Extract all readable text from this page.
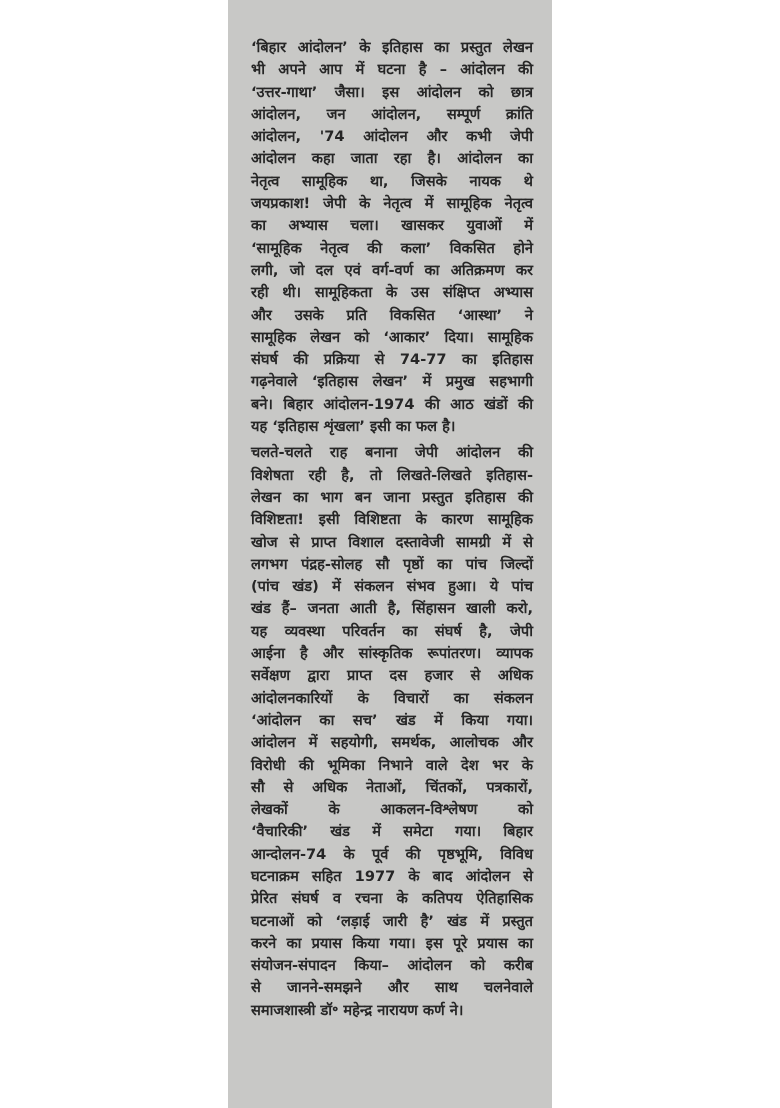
‘बिहार आंदोलन’ के इतिहास का प्रस्तुत लेखन
भी अपने आप में घटना है – आंदोलन की
‘उत्तर-गाथा’ जैसा। इस आंदोलन को छात्र
आंदोलन, जन आंदोलन, सम्पूर्ण क्रांति
आंदोलन, '74 आंदोलन और कभी जेपी
आंदोलन कहा जाता रहा है। आंदोलन का
नेतृत्व सामूहिक था, जिसके नायक थे
जयप्रकाश! जेपी के नेतृत्व में सामूहिक नेतृत्व
का अभ्यास चला। खासकर युवाओं में
‘सामूहिक नेतृत्व की कला’ विकसित होने
लगी, जो दल एवं वर्ग-वर्ण का अतिक्रमण कर
रही थी। सामूहिकता के उस संक्षिप्त अभ्यास
और उसके प्रति विकसित ‘आस्था’ ने
सामूहिक लेखन को ‘आकार’ दिया। सामूहिक
संघर्ष की प्रक्रिया से 74-77 का इतिहास
गढ़नेवाले ‘इतिहास लेखन’ में प्रमुख सहभागी
बने। बिहार आंदोलन-1974 की आठ खंडों की
यह ‘इतिहास शृंखला’ इसी का फल है।
चलते-चलते राह बनाना जेपी आंदोलन की
विशेषता रही है, तो लिखते-लिखते इतिहास-
लेखन का भाग बन जाना प्रस्तुत इतिहास की
विशिष्टता! इसी विशिष्टता के कारण सामूहिक
खोज से प्राप्त विशाल दस्तावेजी सामग्री में से
लगभग पंद्रह-सोलह सौ पृष्ठों का पांच जिल्दों
(पांच खंड) में संकलन संभव हुआ। ये पांच
खंड हैं– जनता आती है, सिंहासन खाली करो,
यह व्यवस्था परिवर्तन का संघर्ष है, जेपी
आईना है और सांस्कृतिक रूपांतरण। व्यापक
सर्वेक्षण द्वारा प्राप्त दस हजार से अधिक
आंदोलनकारियों के विचारों का संकलन
‘आंदोलन का सच’ खंड में किया गया।
आंदोलन में सहयोगी, समर्थक, आलोचक और
विरोधी की भूमिका निभाने वाले देश भर के
सौ से अधिक नेताओं, चिंतकों, पत्रकारों,
लेखकों के आकलन-विश्लेषण को
‘वैचारिकी’ खंड में समेटा गया। बिहार
आन्दोलन-74 के पूर्व की पृष्ठभूमि, विविध
घटनाक्रम सहित 1977 के बाद आंदोलन से
प्रेरित संघर्ष व रचना के कतिपय ऐतिहासिक
घटनाओं को ‘लड़ाई जारी है’ खंड में प्रस्तुत
करने का प्रयास किया गया। इस पूरे प्रयास का
संयोजन-संपादन किया– आंदोलन को करीब
से जानने-समझने और साथ चलनेवाले
समाजशास्त्री डॉ॰ महेन्द्र नारायण कर्ण ने।
